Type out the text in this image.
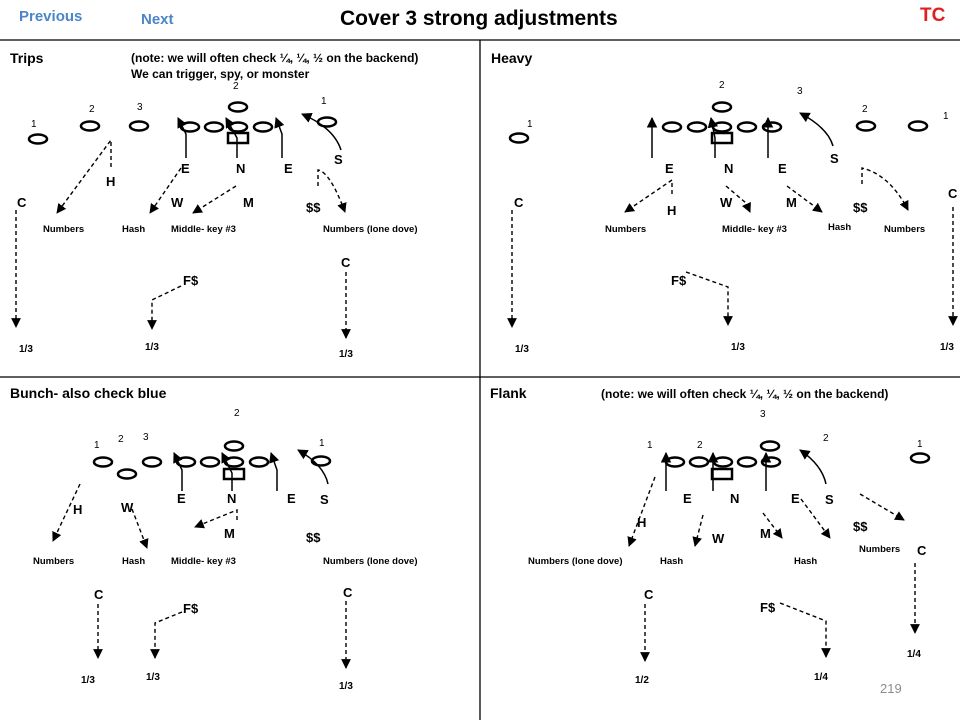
Previous	Next	Cover 3 strong adjustments	TC
Trips	(note: we will often check ¼, ¼, ½ on the backend)
We can trigger, spy, or monster
1
2	3
2
1
E	N	E
S
H
W	M
C	$$
F$
C
Numbers	Hash	Middle- key #3	Numbers (lone dove)
1/3	1/3
1/3
Heavy
1
2
3
2
1
E	N	E
S
C
C
H
W	M	$$
F$
Numbers	Middle- key #3	Hash	Numbers
1/3	1/3	1/3
Bunch- also check blue
1
2 3
2
1
E	N	E S
H	W
M	$$
C	C
F$
Numbers	Hash	Middle- key #3	Numbers (lone dove)
1/3	1/3
1/3
Flank	(note: we will often check ¼, ¼, ½ on the backend)
1	2
3
2
1
E	N	E S
H
W	M	$$
C
C
F$
Numbers (lone dove)	Hash	Hash
Numbers
1/2	1/4
1/4
219
